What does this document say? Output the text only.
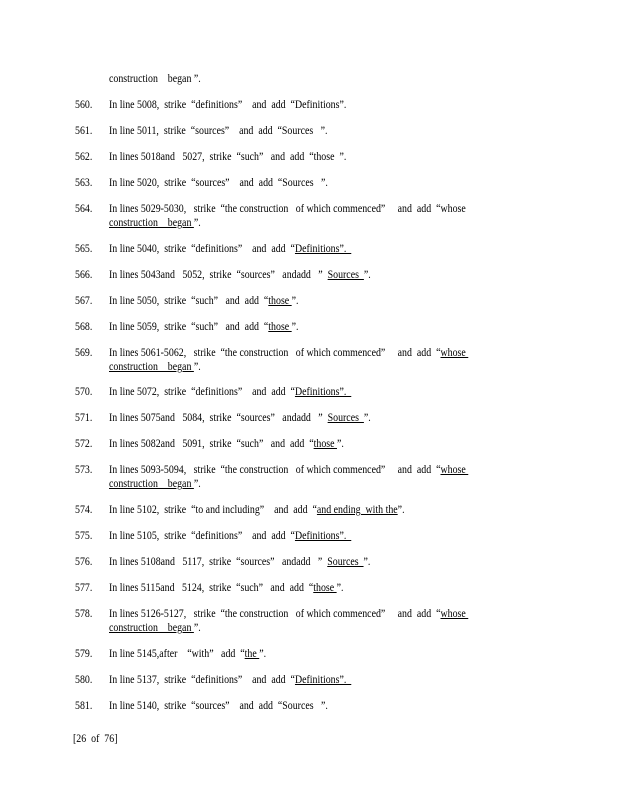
construction    began ”.
560.	In line 5008,  strike  “definitions”    and  add  “Definitions”.
561.	In line 5011,  strike  “sources”    and  add  “Sources   ”.
562.	In lines 5018and   5027,  strike  “such”   and  add  “those  ”.
563.	In line 5020,  strike  “sources”    and  add  “Sources   ”.
564.	In lines 5029-5030,   strike  “the construction   of which commenced”     and  add  “whose
construction    began ”.
565.	In line 5040,  strike  “definitions”    and  add  “Definitions”.
566.	In lines 5043and   5052,  strike  “sources”   andadd   ”  Sources  ”.
567.	In line 5050,  strike  “such”   and  add  “those ”.
568.	In line 5059,  strike  “such”   and  add  “those ”.
569.	In lines 5061-5062,   strike  “the construction   of which commenced”     and  add  “whose
construction    began ”.
570.	In line 5072,  strike  “definitions”    and  add  “Definitions”.
571.	In lines 5075and   5084,  strike  “sources”   andadd   ”  Sources  ”.
572.	In lines 5082and   5091,  strike  “such”   and  add  “those ”.
573.	In lines 5093-5094,   strike  “the construction   of which commenced”     and  add  “whose
construction    began ”.
574.	In line 5102,  strike  “to and including”    and  add  “and ending  with the”.
575.	In line 5105,  strike  “definitions”    and  add  “Definitions”.
576.	In lines 5108and   5117,  strike  “sources”   andadd   ”  Sources  ”.
577.	In lines 5115and   5124,  strike  “such”   and  add  “those ”.
578.	In lines 5126-5127,   strike  “the construction   of which commenced”     and  add  “whose
construction    began ”.
579.	In line 5145,after    “with”   add  “the ”.
580.	In line 5137,  strike  “definitions”    and  add  “Definitions”.
581.	In line 5140,  strike  “sources”    and  add  “Sources   ”.
[26  of  76]
